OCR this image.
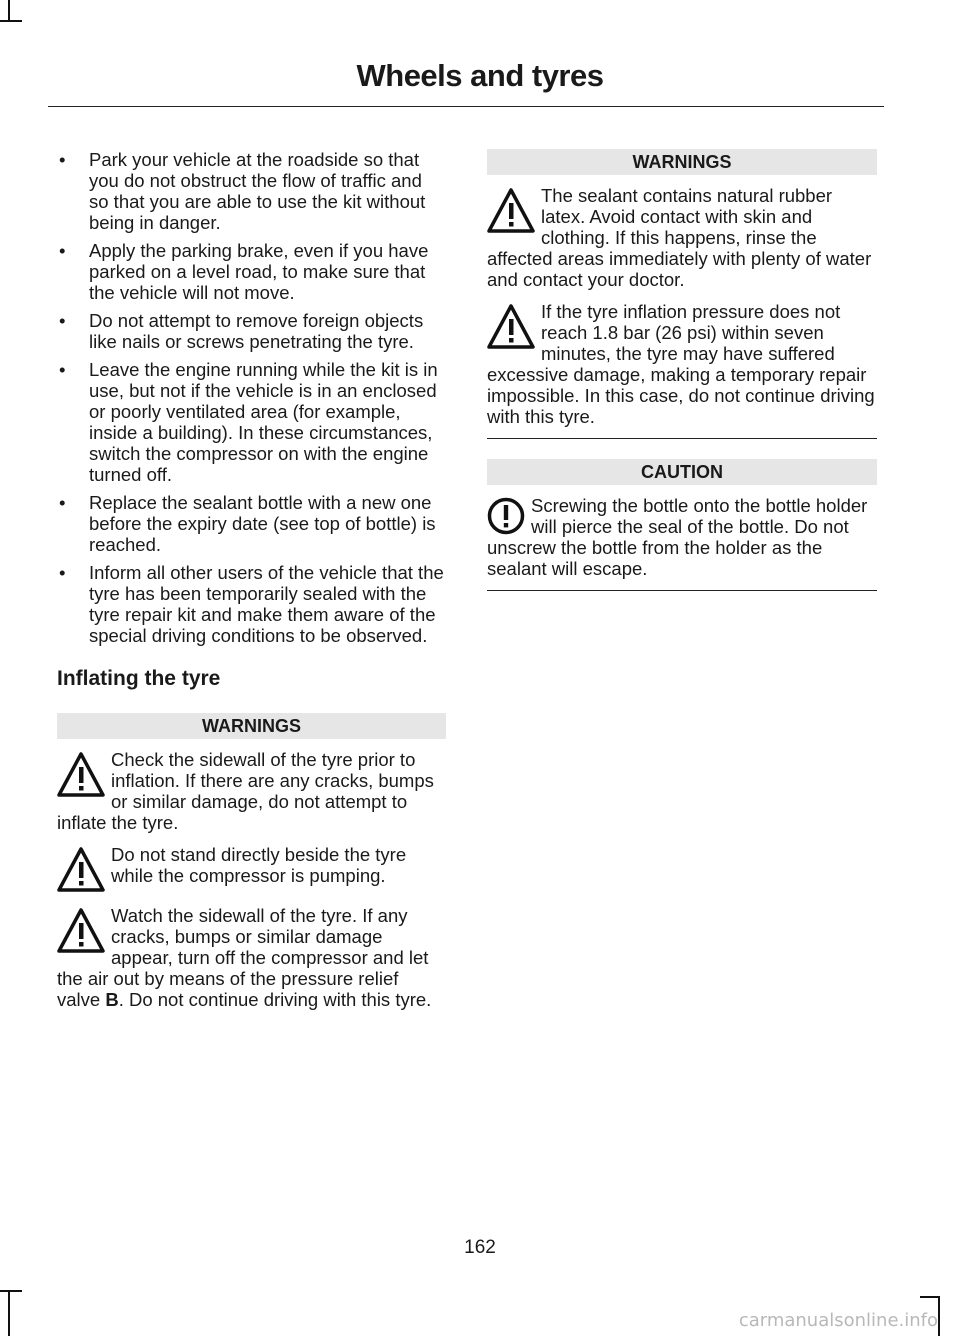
Wheels and tyres
• Park your vehicle at the roadside so that you do not obstruct the flow of traffic and so that you are able to use the kit without being in danger.
• Apply the parking brake, even if you have parked on a level road, to make sure that the vehicle will not move.
• Do not attempt to remove foreign objects like nails or screws penetrating the tyre.
• Leave the engine running while the kit is in use, but not if the vehicle is in an enclosed or poorly ventilated area (for example, inside a building). In these circumstances, switch the compressor on with the engine turned off.
• Replace the sealant bottle with a new one before the expiry date (see top of bottle) is reached.
• Inform all other users of the vehicle that the tyre has been temporarily sealed with the tyre repair kit and make them aware of the special driving conditions to be observed.
Inflating the tyre
WARNINGS
Check the sidewall of the tyre prior to inflation. If there are any cracks, bumps or similar damage, do not attempt to inflate the tyre.
Do not stand directly beside the tyre while the compressor is pumping.
Watch the sidewall of the tyre. If any cracks, bumps or similar damage appear, turn off the compressor and let the air out by means of the pressure relief valve B. Do not continue driving with this tyre.
WARNINGS
The sealant contains natural rubber latex. Avoid contact with skin and clothing. If this happens, rinse the affected areas immediately with plenty of water and contact your doctor.
If the tyre inflation pressure does not reach 1.8 bar (26 psi) within seven minutes, the tyre may have suffered excessive damage, making a temporary repair impossible. In this case, do not continue driving with this tyre.
CAUTION
Screwing the bottle onto the bottle holder will pierce the seal of the bottle. Do not unscrew the bottle from the holder as the sealant will escape.
162
carmanualsonline.info
